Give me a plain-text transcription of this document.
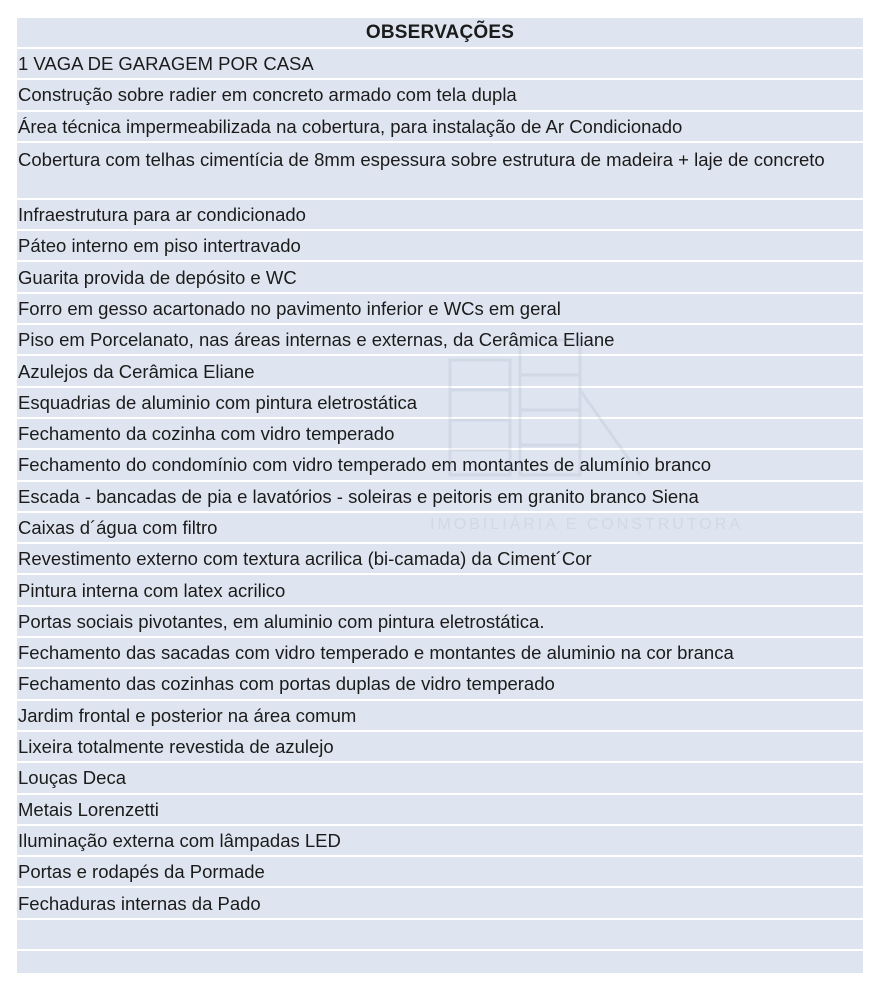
OBSERVAÇÕES
1 VAGA DE GARAGEM POR CASA
Construção sobre radier em concreto armado com tela dupla
Área técnica impermeabilizada na cobertura, para instalação de Ar Condicionado
Cobertura com telhas cimentícia de 8mm espessura sobre estrutura de madeira + laje de concreto
Infraestrutura para ar condicionado
Páteo interno em piso intertravado
Guarita provida de depósito e WC
Forro em gesso acartonado no pavimento inferior e WCs em geral
Piso em Porcelanato, nas áreas internas e externas, da Cerâmica Eliane
Azulejos da Cerâmica Eliane
Esquadrias de aluminio com pintura eletrostática
Fechamento da cozinha com vidro temperado
Fechamento do condomínio com vidro temperado em montantes de alumínio branco
Escada - bancadas de pia e lavatórios - soleiras e peitoris em granito branco Siena
Caixas d´água com filtro
Revestimento externo com textura acrilica (bi-camada) da Ciment´Cor
Pintura interna com latex acrilico
Portas sociais pivotantes, em aluminio com pintura eletrostática.
Fechamento das sacadas com vidro temperado e montantes de aluminio na cor branca
Fechamento das cozinhas com portas duplas de vidro temperado
Jardim frontal e posterior na área comum
Lixeira totalmente revestida de azulejo
Louças Deca
Metais Lorenzetti
Iluminação externa com lâmpadas LED
Portas e rodapés da Pormade
Fechaduras internas da Pado
